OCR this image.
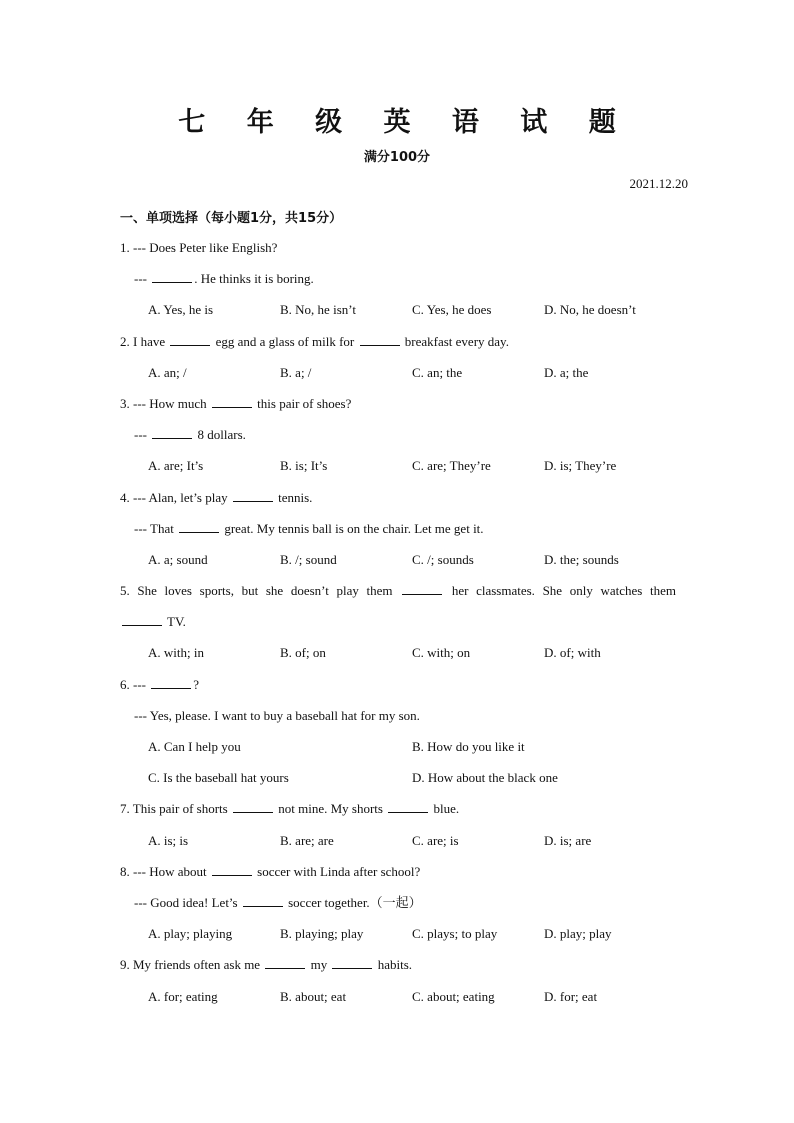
七 年 级 英 语 试 题
满分100分
2021.12.20
一、单项选择（每小题1分，共15分）
1. --- Does Peter like English?
---	. He thinks it is boring.
A. Yes, he is	B. No, he isn’t	C. Yes, he does	D. No, he doesn’t
2. I have	egg and a glass of milk for	breakfast every day.
A. an; /	B. a; /	C. an; the	D. a; the
3. --- How much	this pair of shoes?
---	8 dollars.
A. are; It’s	B. is; It’s	C. are; They’re	D. is; They’re
4. --- Alan, let’s play	tennis.
--- That	great. My tennis ball is on the chair. Let me get it.
A. a; sound	B. /; sound	C. /; sounds	D. the; sounds
5. She loves sports, but she doesn’t play them	her classmates. She only watches them
TV.
A. with; in	B. of; on	C. with; on	D. of; with
6. ---	?
--- Yes, please. I want to buy a baseball hat for my son.
A. Can I help you	B. How do you like it
C. Is the baseball hat yours	D. How about the black one
7. This pair of shorts	not mine. My shorts	blue.
A. is; is	B. are; are	C. are; is	D. is; are
8. --- How about	soccer with Linda after school?
--- Good idea! Let’s	soccer together.（一起）
A. play; playing	B. playing; play	C. plays; to play	D. play; play
9. My friends often ask me	my	habits.
A. for; eating	B. about; eat	C. about; eating	D. for; eat
